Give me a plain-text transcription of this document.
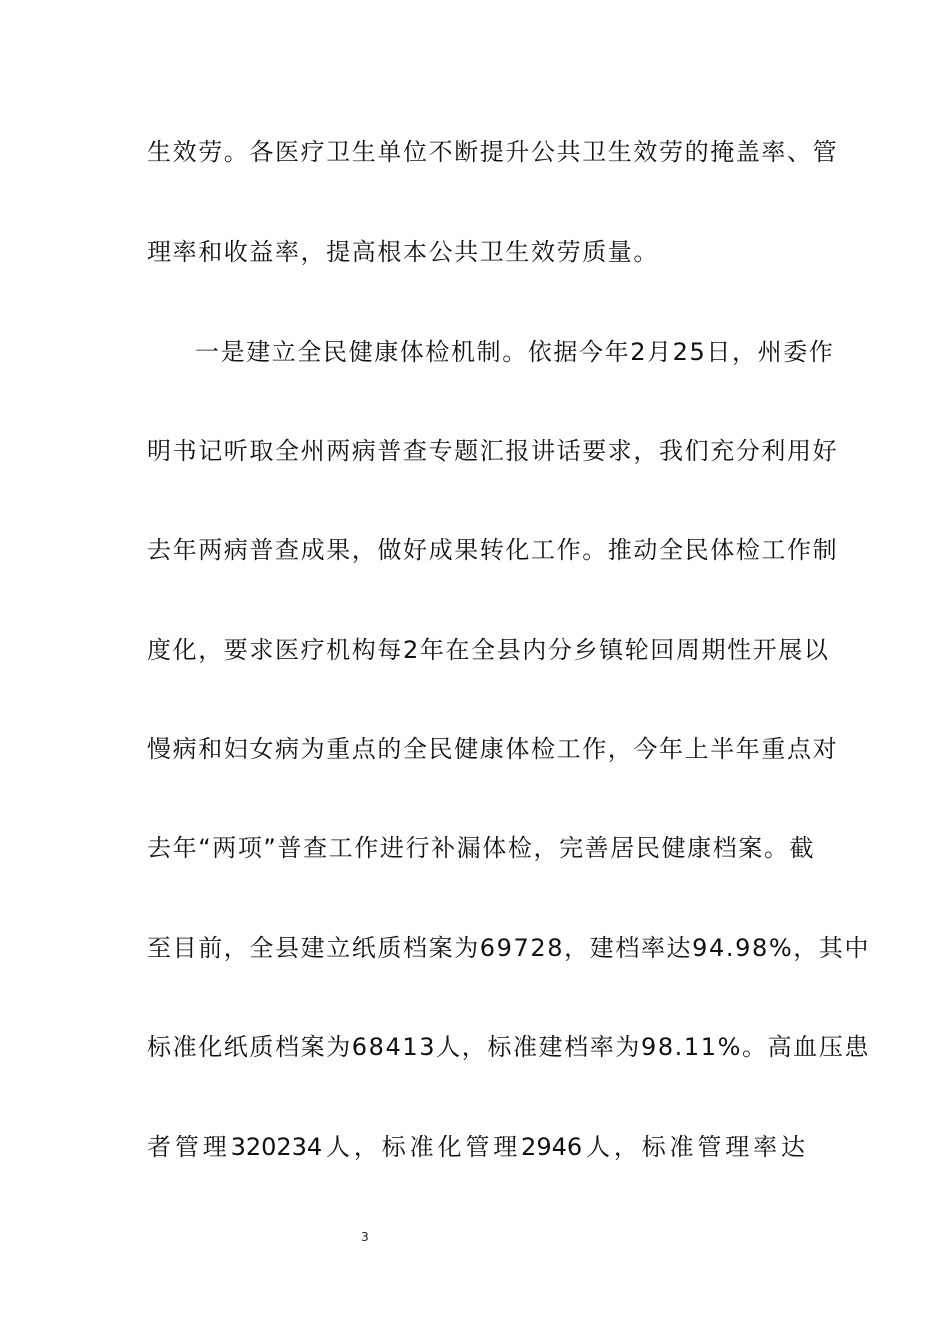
生效劳。各医疗卫生单位不断提升公共卫生效劳的掩盖率、管
理率和收益率，提高根本公共卫生效劳质量。
一是建立全民健康体检机制。依据今年2月25日，州委作
明书记听取全州两病普查专题汇报讲话要求，我们充分利用好
去年两病普查成果，做好成果转化工作。推动全民体检工作制
度化，要求医疗机构每2年在全县内分乡镇轮回周期性开展以
慢病和妇女病为重点的全民健康体检工作，今年上半年重点对
去年“两项”普查工作进行补漏体检，完善居民健康档案。截
至目前，全县建立纸质档案为69728，建档率达94.98%，其中
标准化纸质档案为68413人，标准建档率为98.11%。高血压患
者管理320234人，标准化管理2946人，标准管理率达
3
